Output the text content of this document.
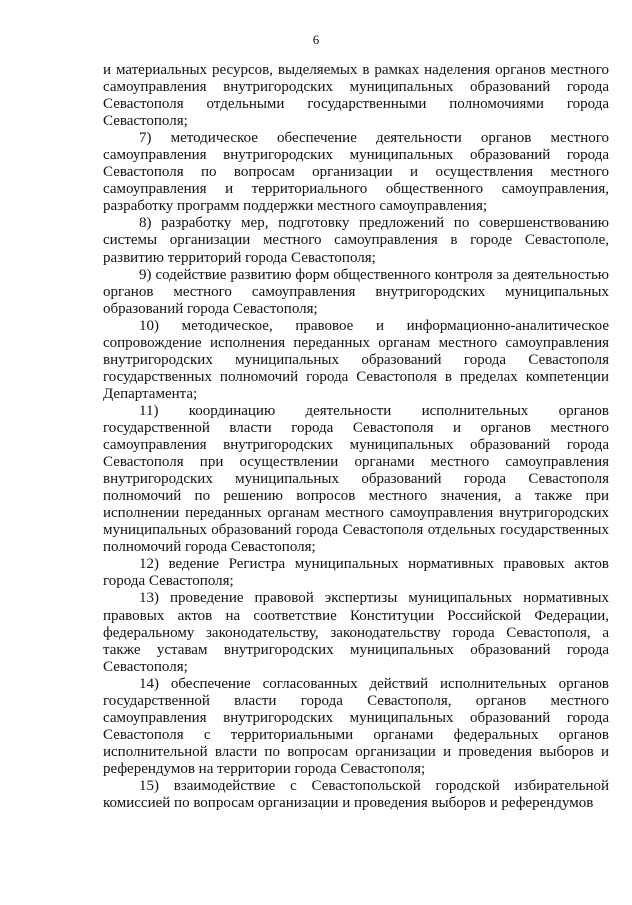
6

и материальных ресурсов, выделяемых в рамках наделения органов местного самоуправления внутригородских муниципальных образований города Севастополя отдельными государственными полномочиями города Севастополя;

7) методическое обеспечение деятельности органов местного самоуправления внутригородских муниципальных образований города Севастополя по вопросам организации и осуществления местного самоуправления и территориального общественного самоуправления, разработку программ поддержки местного самоуправления;

8) разработку мер, подготовку предложений по совершенствованию системы организации местного самоуправления в городе Севастополе, развитию территорий города Севастополя;

9) содействие развитию форм общественного контроля за деятельностью органов местного самоуправления внутригородских муниципальных образований города Севастополя;

10) методическое, правовое и информационно-аналитическое сопровождение исполнения переданных органам местного самоуправления внутригородских муниципальных образований города Севастополя государственных полномочий города Севастополя в пределах компетенции Департамента;

11) координацию деятельности исполнительных органов государственной власти города Севастополя и органов местного самоуправления внутригородских муниципальных образований города Севастополя при осуществлении органами местного самоуправления внутригородских муниципальных образований города Севастополя полномочий по решению вопросов местного значения, а также при исполнении переданных органам местного самоуправления внутригородских муниципальных образований города Севастополя отдельных государственных полномочий города Севастополя;

12) ведение Регистра муниципальных нормативных правовых актов города Севастополя;

13) проведение правовой экспертизы муниципальных нормативных правовых актов на соответствие Конституции Российской Федерации, федеральному законодательству, законодательству города Севастополя, а также уставам внутригородских муниципальных образований города Севастополя;

14) обеспечение согласованных действий исполнительных органов государственной власти города Севастополя, органов местного самоуправления внутригородских муниципальных образований города Севастополя с территориальными органами федеральных органов исполнительной власти по вопросам организации и проведения выборов и референдумов на территории города Севастополя;

15) взаимодействие с Севастопольской городской избирательной комиссией по вопросам организации и проведения выборов и референдумов
